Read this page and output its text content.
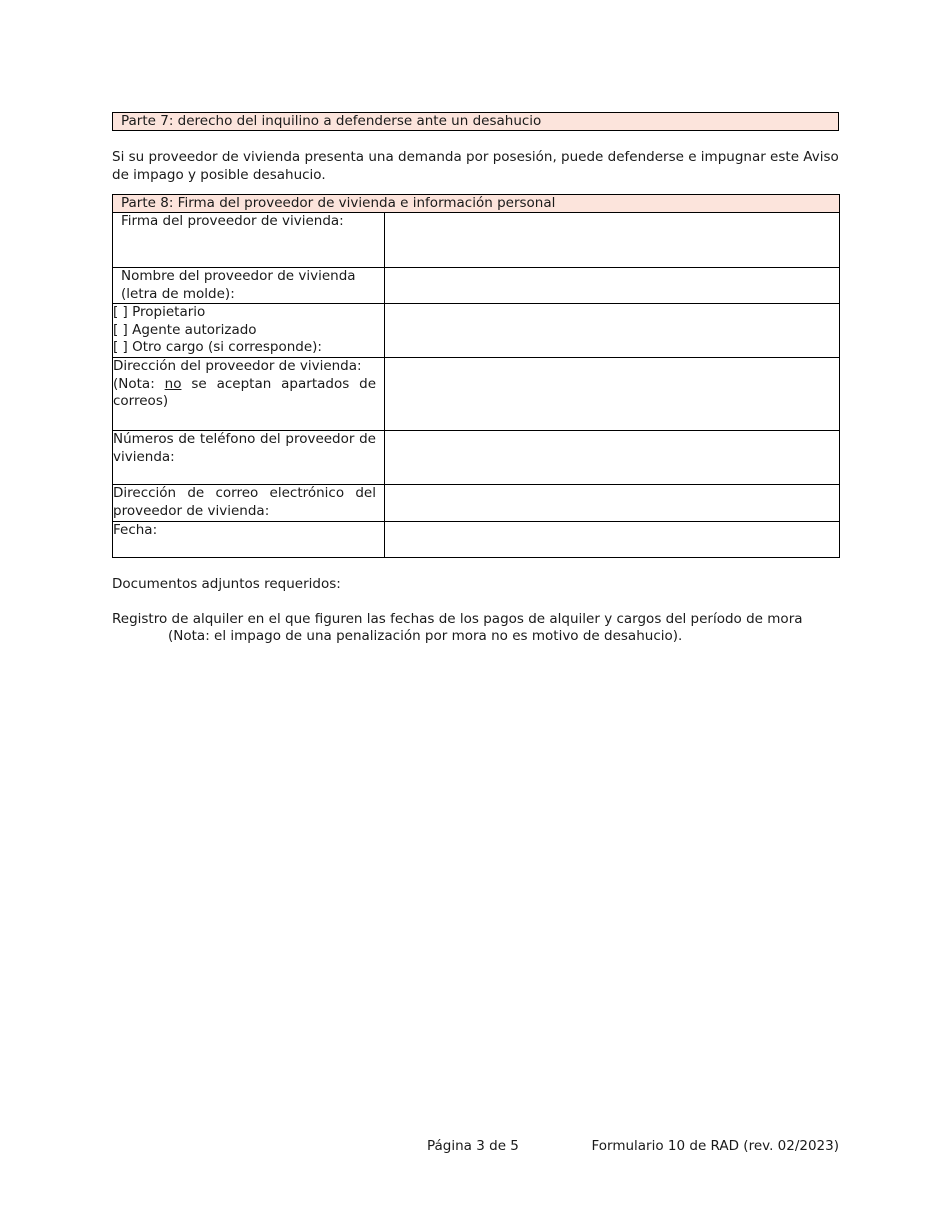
Parte 7: derecho del inquilino a defenderse ante un desahucio

Si su proveedor de vivienda presenta una demanda por posesión, puede defenderse e impugnar este Aviso de impago y posible desahucio.

Parte 8: Firma del proveedor de vivienda e información personal	
Firma del proveedor de vivienda:	

Nombre del proveedor de vivienda
(letra de molde):	

[ ] Propietario
[ ] Agente autorizado
[ ] Otro cargo (si corresponde):	

Dirección del proveedor de vivienda:
(Nota: no se aceptan apartados de correos)	

Números de teléfono del proveedor de vivienda:	
Dirección de correo electrónico del proveedor de vivienda:	
Fecha:	
Documentos adjuntos requeridos:
Registro de alquiler en el que figuren las fechas de los pagos de alquiler y cargos del período de mora
(Nota: el impago de una penalización por mora no es motivo de desahucio).
Página 3 de 5	Formulario 10 de RAD (rev. 02/2023)
